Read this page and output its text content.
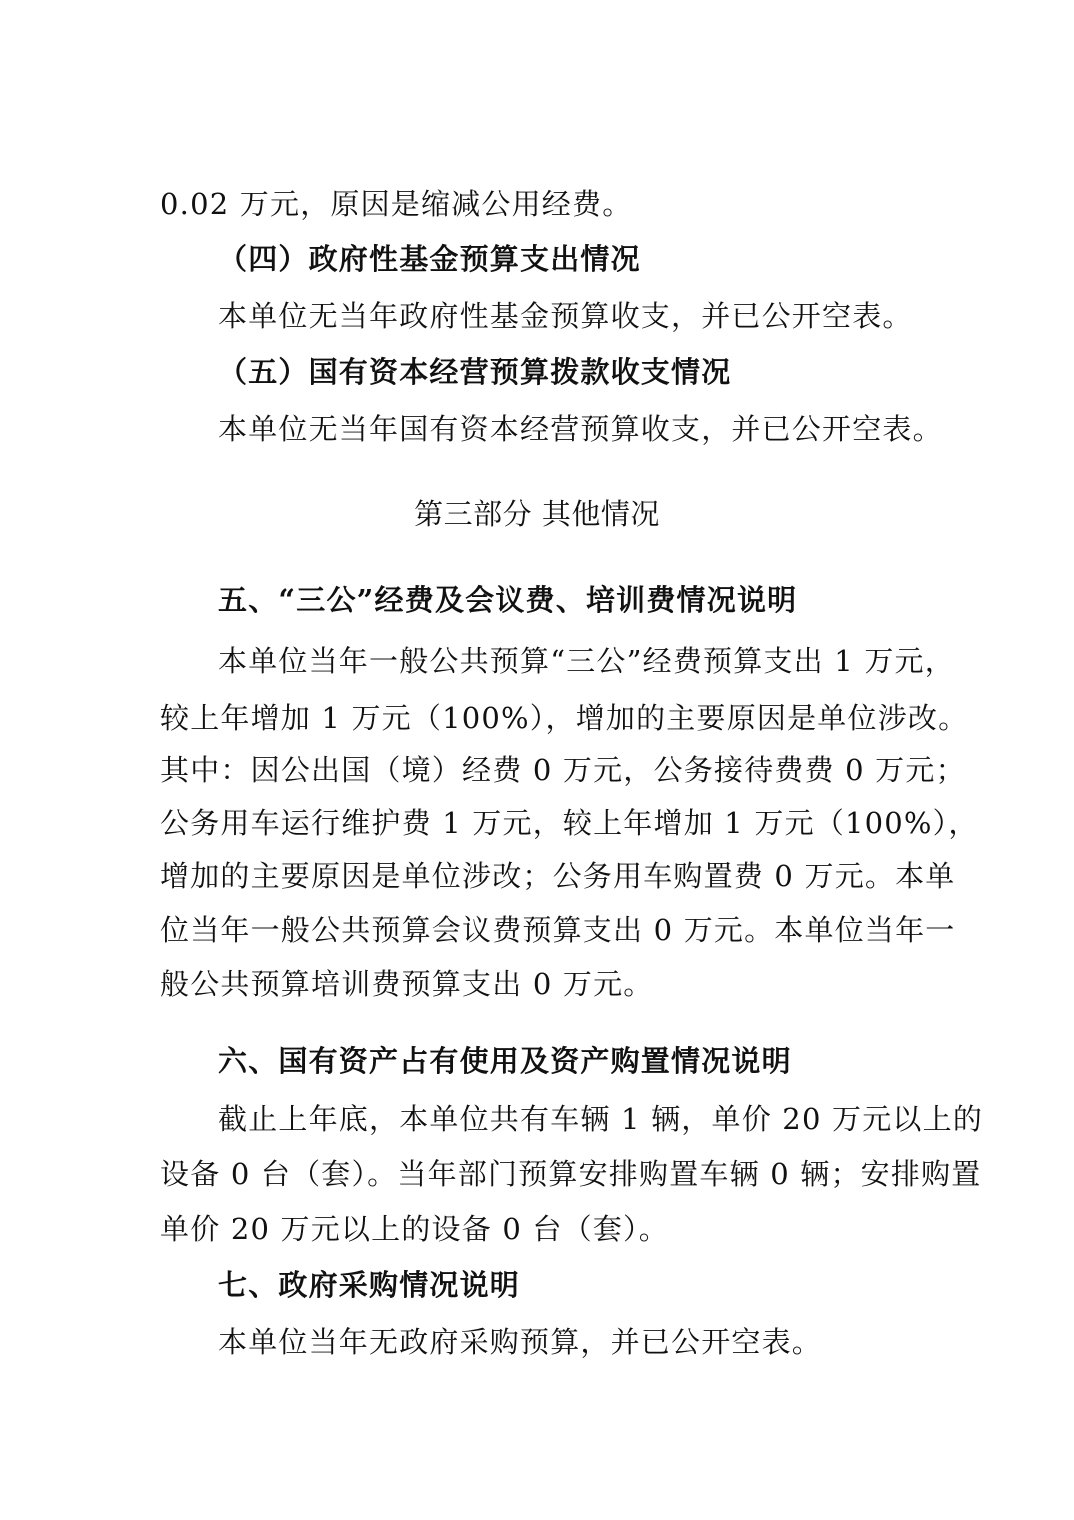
0.02 万元，原因是缩减公用经费。
（四）政府性基金预算支出情况
本单位无当年政府性基金预算收支，并已公开空表。
（五）国有资本经营预算拨款收支情况
本单位无当年国有资本经营预算收支，并已公开空表。
第三部分 其他情况
五、“三公”经费及会议费、培训费情况说明
本单位当年一般公共预算“三公”经费预算支出 1 万元，
较上年增加 1 万元（100%），增加的主要原因是单位涉改。
其中：因公出国（境）经费 0 万元，公务接待费费 0 万元；
公务用车运行维护费 1 万元，较上年增加 1 万元（100%），
增加的主要原因是单位涉改；公务用车购置费 0 万元。本单
位当年一般公共预算会议费预算支出 0 万元。本单位当年一
般公共预算培训费预算支出 0 万元。
六、国有资产占有使用及资产购置情况说明
截止上年底，本单位共有车辆 1 辆，单价 20 万元以上的
设备 0 台（套）。当年部门预算安排购置车辆 0 辆；安排购置
单价 20 万元以上的设备 0 台（套）。
七、政府采购情况说明
本单位当年无政府采购预算，并已公开空表。
